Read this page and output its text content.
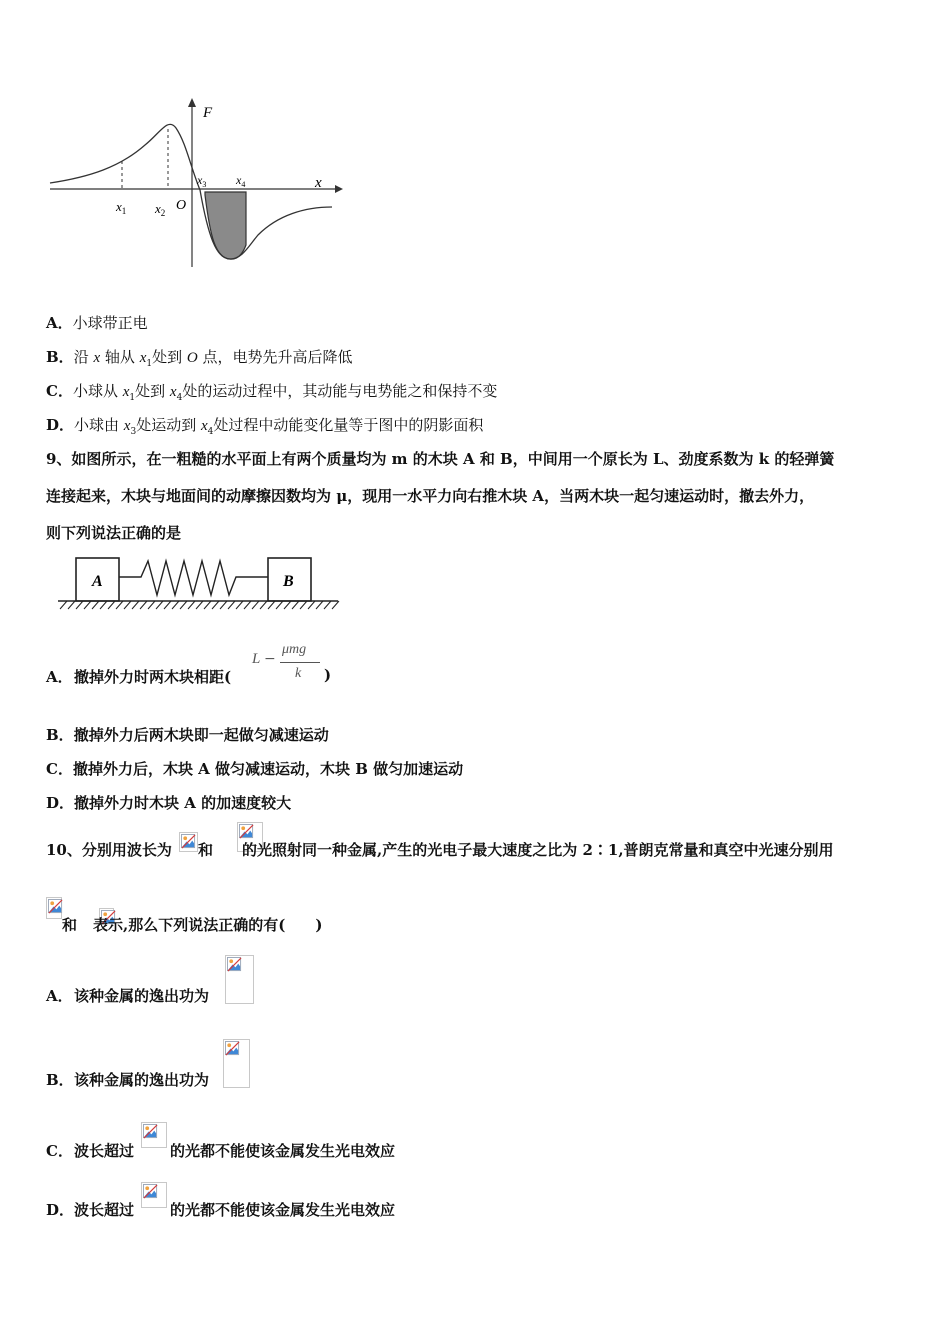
F
x
O
$x_1$ $x_2$
$x_3$ $x_4$
A．小球带正电
B．沿 x 轴从 $x_1$处到 O 点，电势先升高后降低
C．小球从 $x_1$处到 $x_4$处的运动过程中，其动能与电势能之和保持不变
D．小球由 $x_3$处运动到 $x_4$处过程中动能变化量等于图中的阴影面积
9、如图所示，在一粗糙的水平面上有两个质量均为 m 的木块 A 和 B，中间用一个原长为 L、劲度系数为 k 的轻弹簧
连接起来，木块与地面间的动摩擦因数均为 μ，现用一水平力向右推木块 A，当两木块一起匀速运动时，撤去外力，
则下列说法正确的是
A	B
A． 撤掉外力时两木块相距(
L −
μmg
k )
B．撤掉外力后两木块即一起做匀减速运动
C．撤掉外力后，木块 A 做匀减速运动，木块 B 做匀加速运动
D．撤掉外力时木块 A 的加速度较大
10、分别用波长为
和 的光照射同一种金属,产生的光电子最大速度之比为 2∶1,普朗克常量和真空中光速分别用

和 表示,那么下列说法正确的有(　　)
A． 该种金属的逸出功为
B． 该种金属的逸出功为
C． 波长超过 的光都不能使该金属发生光电效应
D． 波长超过 的光都不能使该金属发生光电效应
